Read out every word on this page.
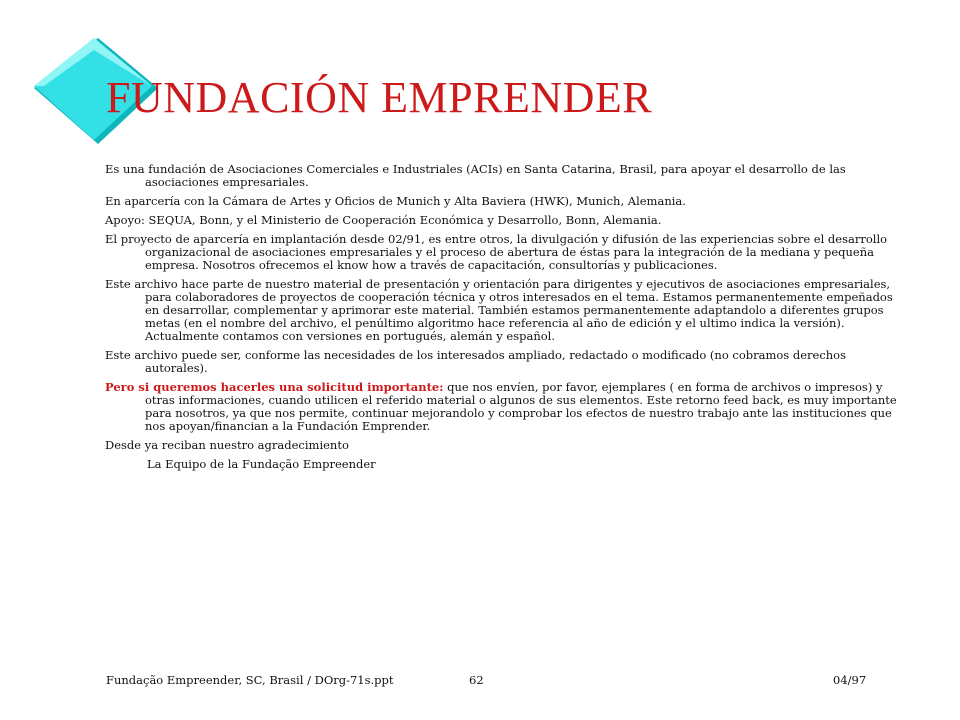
FUNDACIÓN EMPRENDER

Es una fundación de Asociaciones Comerciales e Industriales (ACIs) en Santa Catarina, Brasil, para apoyar el desarrollo de las asociaciones empresariales.

En aparcería con la Cámara de Artes y Oficios de Munich y Alta Baviera (HWK), Munich, Alemania.

Apoyo: SEQUA, Bonn, y el Ministerio de Cooperación Económica y Desarrollo, Bonn, Alemania.

El proyecto de aparcería en implantación desde 02/91, es entre otros, la divulgación y difusión de las experiencias sobre el desarrollo organizacional de asociaciones empresariales y el proceso de abertura de éstas para la integración de la mediana y pequeña empresa. Nosotros ofrecemos el know how a través de capacitación, consultorías y publicaciones.

Este archivo hace parte de nuestro material de presentación y orientación para dirigentes y ejecutivos de asociaciones empresariales, para colaboradores de proyectos de cooperación técnica y otros interesados en el tema. Estamos permanentemente empeñados en desarrollar, complementar y aprimorar este material. También estamos permanentemente adaptandolo a diferentes grupos metas (en el nombre del archivo, el penúltimo algoritmo hace referencia al año de edición y el ultimo indica la versión). Actualmente contamos con versiones en portugués, alemán y español.

Este archivo puede ser, conforme las necesidades de los interesados ampliado, redactado o modificado (no cobramos derechos autorales).

Pero si queremos hacerles una solicitud importante: que nos envíen, por favor, ejemplares ( en forma de archivos o impresos) y otras informaciones, cuando utilicen el referido material o algunos de sus elementos. Este retorno feed back, es muy importante para nosotros, ya que nos permite, continuar mejorandolo y comprobar los efectos de nuestro trabajo ante las instituciones que nos apoyan/financian a la Fundación Emprender.

Desde ya reciban nuestro agradecimiento

La Equipo de la Fundação Empreender

Fundação Empreender, SC, Brasil / DOrg-71s.ppt	62	04/97
